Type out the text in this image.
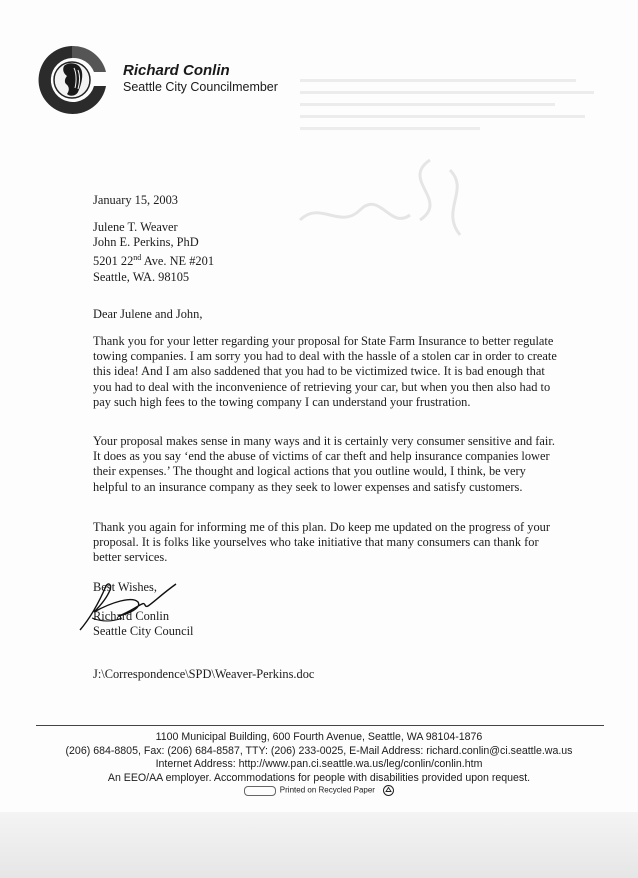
Richard Conlin
Seattle City Councilmember
January 15, 2003
Julene T. Weaver
John E. Perkins, PhD
5201 22nd Ave. NE #201
Seattle, WA. 98105
Dear Julene and John,

Thank you for your letter regarding your proposal for State Farm Insurance to better regulate towing companies. I am sorry you had to deal with the hassle of a stolen car in order to create this idea! And I am also saddened that you had to be victimized twice. It is bad enough that you had to deal with the inconvenience of retrieving your car, but when you then also had to pay such high fees to the towing company I can understand your frustration.

Your proposal makes sense in many ways and it is certainly very consumer sensitive and fair. It does as you say ‘end the abuse of victims of car theft and help insurance companies lower their expenses.’ The thought and logical actions that you outline would, I think, be very helpful to an insurance company as they seek to lower expenses and satisfy customers.

Thank you again for informing me of this plan. Do keep me updated on the progress of your proposal. It is folks like yourselves who take initiative that many consumers can thank for better services.

Best Wishes,
Richard Conlin
Seattle City Council
J:\Correspondence\SPD\Weaver-Perkins.doc
1100 Municipal Building, 600 Fourth Avenue, Seattle, WA 98104-1876
(206) 684-8805, Fax: (206) 684-8587, TTY: (206) 233-0025, E-Mail Address: richard.conlin@ci.seattle.wa.us
Internet Address: http://www.pan.ci.seattle.wa.us/leg/conlin/conlin.htm
An EEO/AA employer. Accommodations for people with disabilities provided upon request.
Printed on Recycled Paper
